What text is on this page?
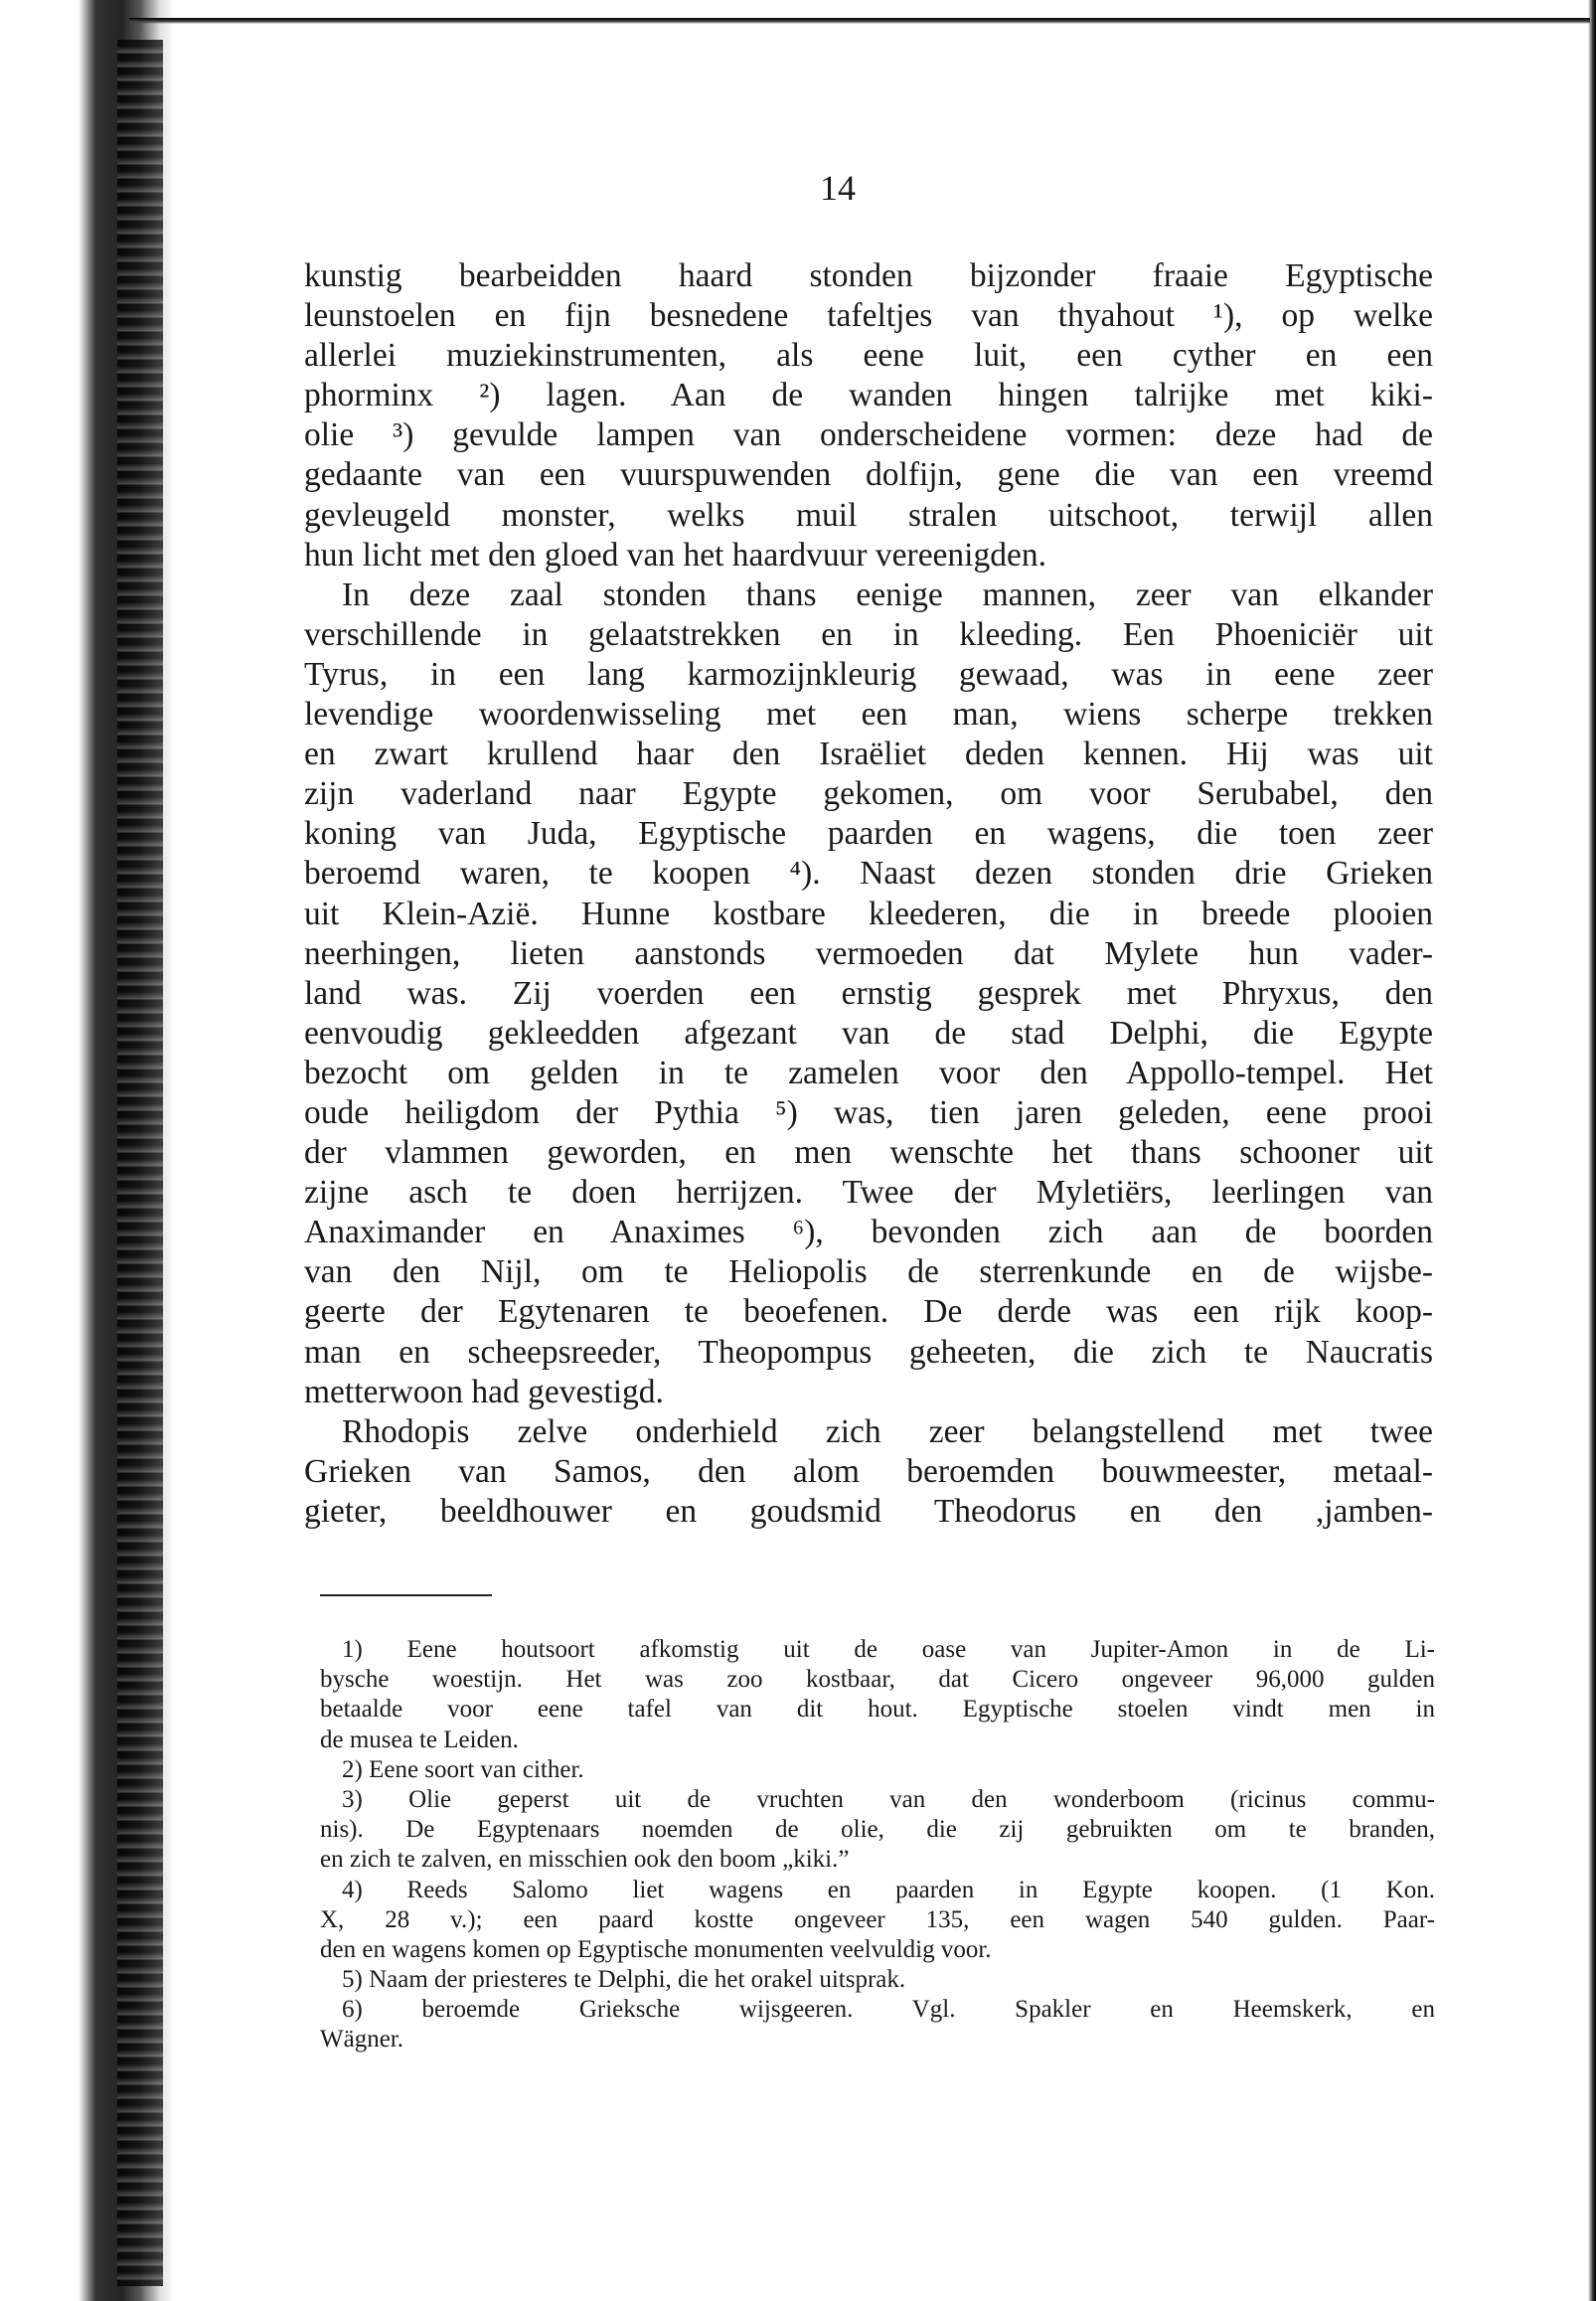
14
kunstig bearbeidden haard stonden bijzonder fraaie Egyptische
leunstoelen en fijn besnedene tafeltjes van thyahout ¹), op welke
allerlei muziekinstrumenten, als eene luit, een cyther en een
phorminx ²) lagen. Aan de wanden hingen talrijke met kiki-
olie ³) gevulde lampen van onderscheidene vormen: deze had de
gedaante van een vuurspuwenden dolfijn, gene die van een vreemd
gevleugeld monster, welks muil stralen uitschoot, terwijl allen
hun licht met den gloed van het haardvuur vereenigden.
In deze zaal stonden thans eenige mannen, zeer van elkander
verschillende in gelaatstrekken en in kleeding. Een Phoeniciër uit
Tyrus, in een lang karmozijnkleurig gewaad, was in eene zeer
levendige woordenwisseling met een man, wiens scherpe trekken
en zwart krullend haar den Israëliet deden kennen. Hij was uit
zijn vaderland naar Egypte gekomen, om voor Serubabel, den
koning van Juda, Egyptische paarden en wagens, die toen zeer
beroemd waren, te koopen ⁴). Naast dezen stonden drie Grieken
uit Klein-Azië. Hunne kostbare kleederen, die in breede plooien
neerhingen, lieten aanstonds vermoeden dat Mylete hun vader-
land was. Zij voerden een ernstig gesprek met Phryxus, den
eenvoudig gekleedden afgezant van de stad Delphi, die Egypte
bezocht om gelden in te zamelen voor den Appollo-tempel. Het
oude heiligdom der Pythia ⁵) was, tien jaren geleden, eene prooi
der vlammen geworden, en men wenschte het thans schooner uit
zijne asch te doen herrijzen. Twee der Myletiërs, leerlingen van
Anaximander en Anaximes ⁶), bevonden zich aan de boorden
van den Nijl, om te Heliopolis de sterrenkunde en de wijsbe-
geerte der Egytenaren te beoefenen. De derde was een rijk koop-
man en scheepsreeder, Theopompus geheeten, die zich te Naucratis
metterwoon had gevestigd.
Rhodopis zelve onderhield zich zeer belangstellend met twee
Grieken van Samos, den alom beroemden bouwmeester, metaal-
gieter, beeldhouwer en goudsmid Theodorus en den ,jamben-
1) Eene houtsoort afkomstig uit de oase van Jupiter-Amon in de Li-
bysche woestijn. Het was zoo kostbaar, dat Cicero ongeveer 96,000 gulden
betaalde voor eene tafel van dit hout. Egyptische stoelen vindt men in
de musea te Leiden.
2) Eene soort van cither.
3) Olie geperst uit de vruchten van den wonderboom (ricinus commu-
nis). De Egyptenaars noemden de olie, die zij gebruikten om te branden,
en zich te zalven, en misschien ook den boom „kiki.”
4) Reeds Salomo liet wagens en paarden in Egypte koopen. (1 Kon.
X, 28 v.); een paard kostte ongeveer 135, een wagen 540 gulden. Paar-
den en wagens komen op Egyptische monumenten veelvuldig voor.
5) Naam der priesteres te Delphi, die het orakel uitsprak.
6) beroemde Grieksche wijsgeeren. Vgl. Spakler en Heemskerk, en
Wägner.
